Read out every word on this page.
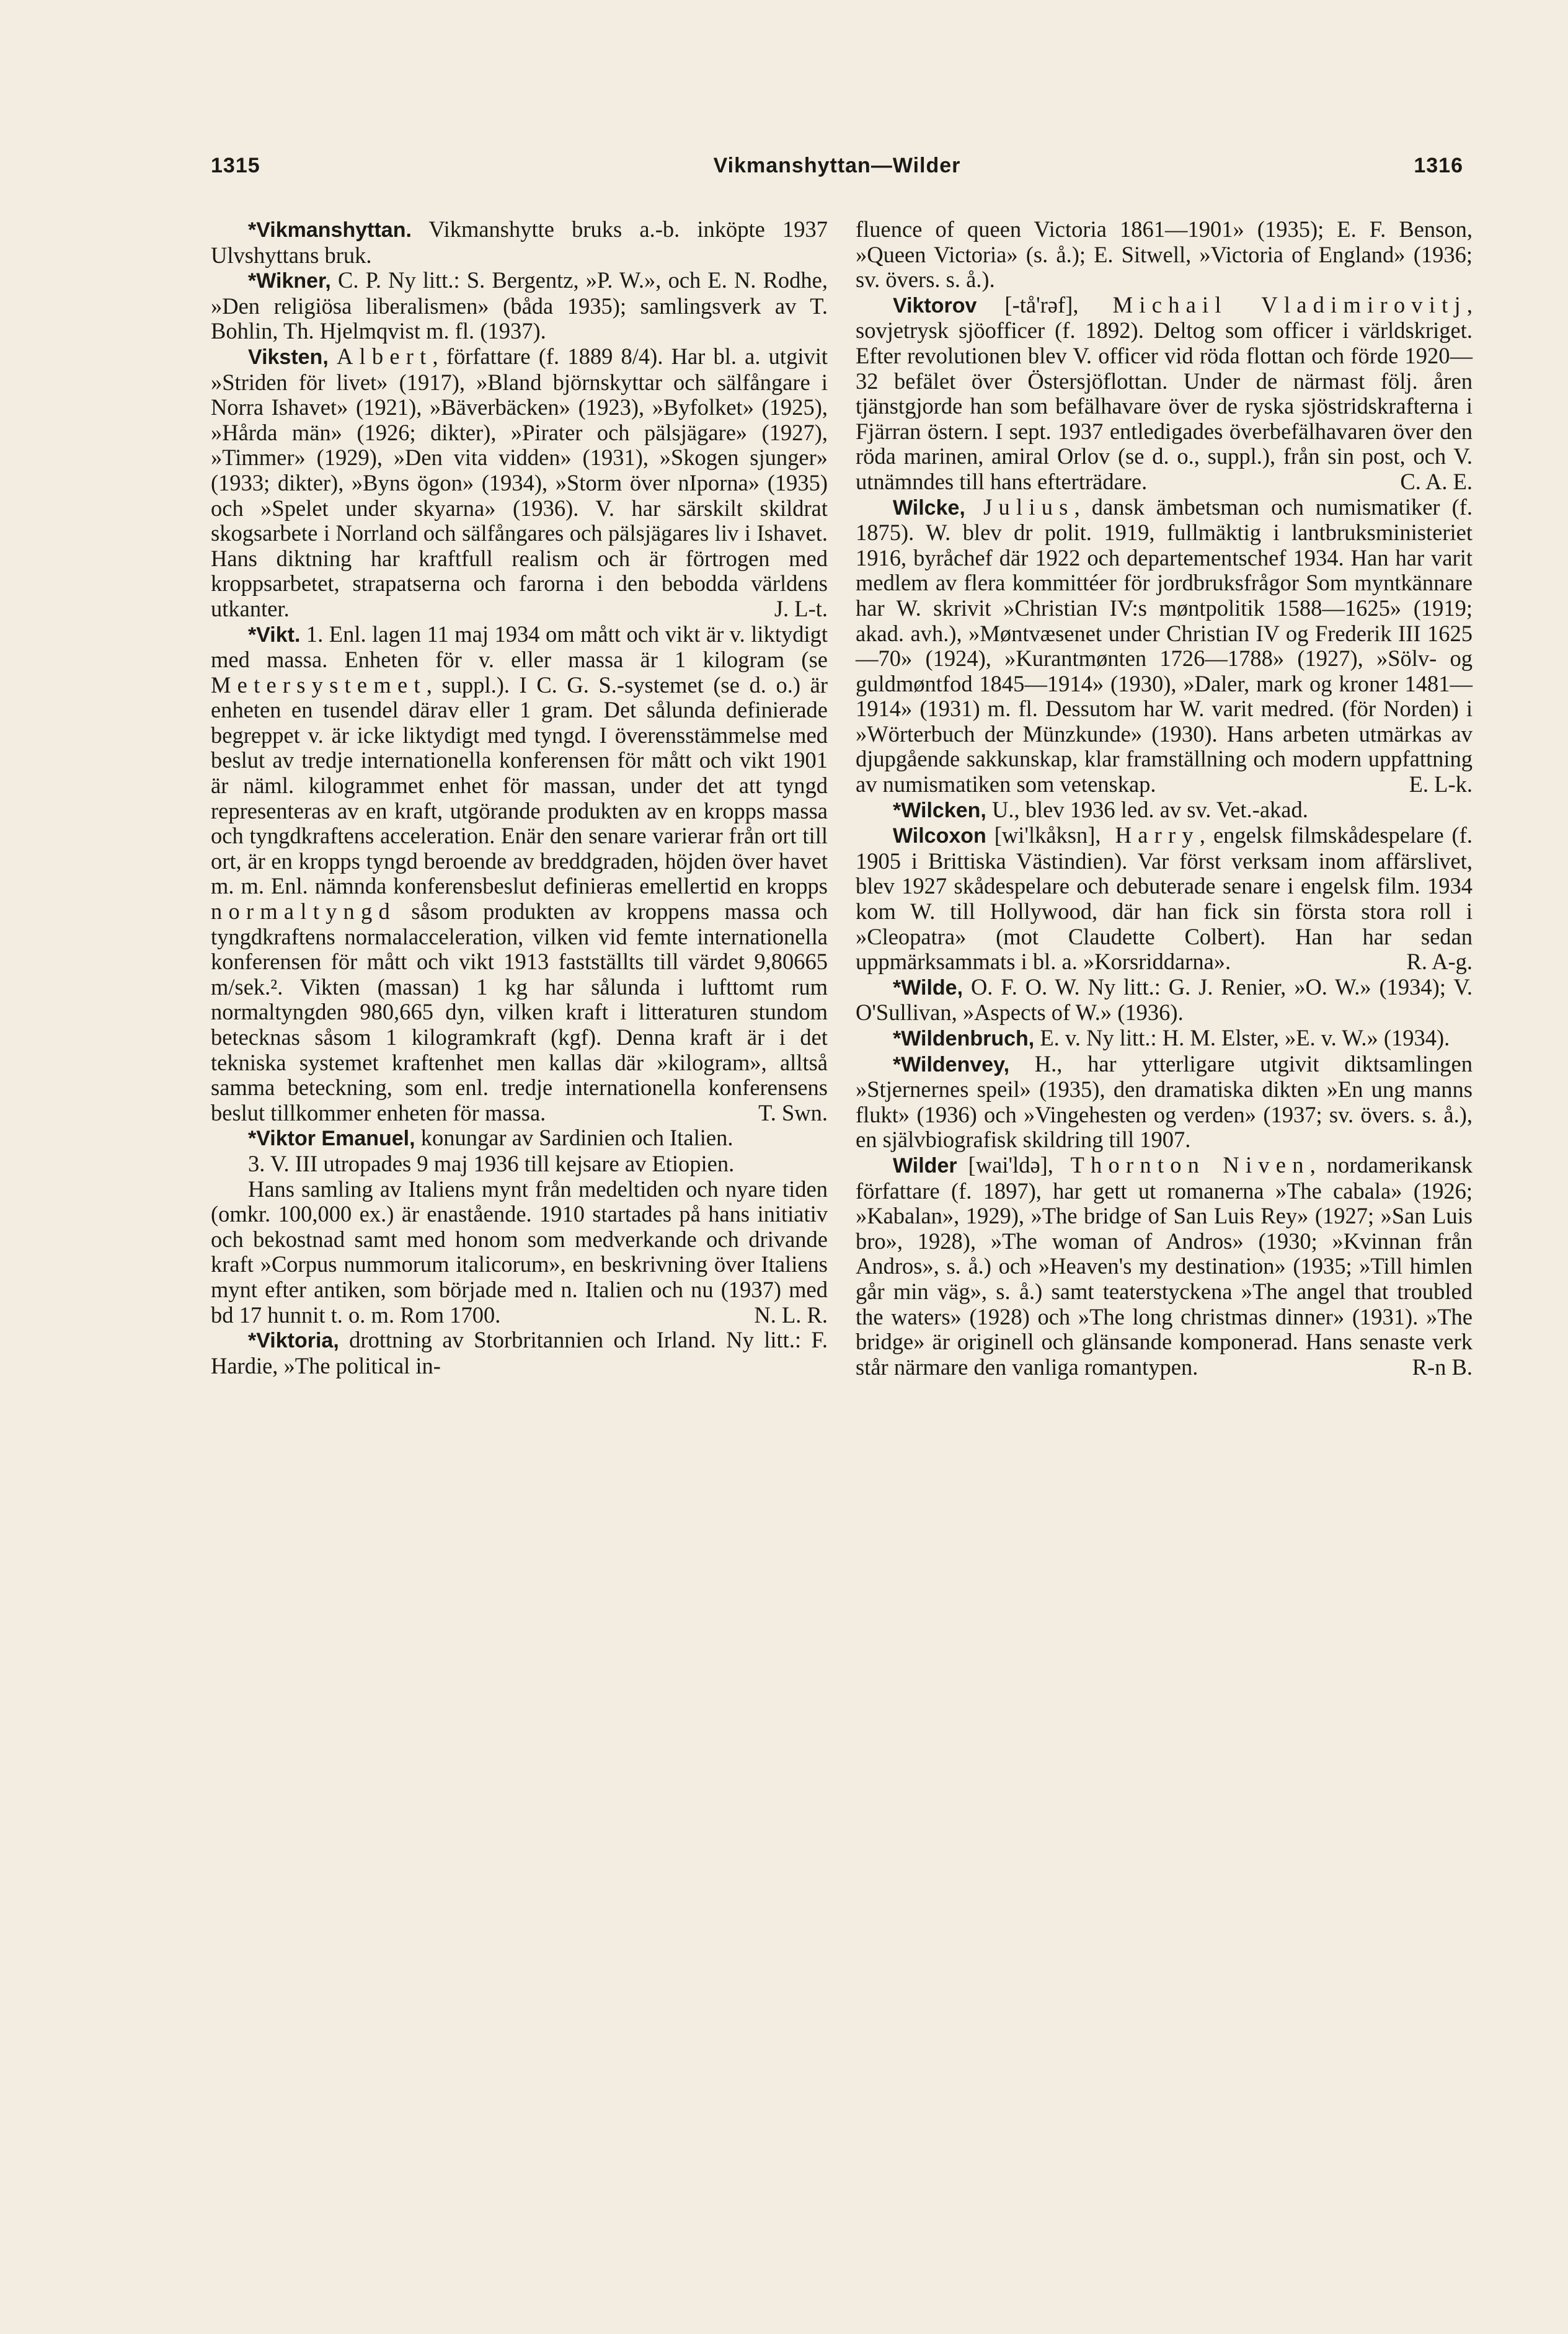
1315	Vikmanshyttan—Wilder	1316

*Vikmanshyttan. Vikmanshytte bruks a.-b. inköpte 1937 Ulvshyttans bruk.

*Wikner, C. P. Ny litt.: S. Bergentz, »P. W.», och E. N. Rodhe, »Den religiösa liberalismen» (båda 1935); samlingsverk av T. Bohlin, Th. Hjelmqvist m. fl. (1937).

Viksten, Albert, författare (f. 1889 8/4). Har bl. a. utgivit »Striden för livet» (1917), »Bland björnskyttar och sälfångare i Norra Ishavet» (1921), »Bäverbäcken» (1923), »Byfolket» (1925), »Hårda män» (1926; dikter), »Pirater och pälsjägare» (1927), »Timmer» (1929), »Den vita vidden» (1931), »Skogen sjunger» (1933; dikter), »Byns ögon» (1934), »Storm över nIporna» (1935) och »Spelet under skyarna» (1936). V. har särskilt skildrat skogsarbete i Norrland och sälfångares och pälsjägares liv i Ishavet. Hans diktning har kraftfull realism och är förtrogen med kroppsarbetet, strapatserna och farorna i den bebodda världens utkanter.	J. L-t.

*Vikt. 1. Enl. lagen 11 maj 1934 om mått och vikt är v. liktydigt med massa. Enheten för v. eller massa är 1 kilogram (se Metersystemet, suppl.). I C. G. S.-systemet (se d. o.) är enheten en tusendel därav eller 1 gram. Det sålunda definierade begreppet v. är icke liktydigt med tyngd. I överensstämmelse med beslut av tredje internationella konferensen för mått och vikt 1901 är näml. kilogrammet enhet för massan, under det att tyngd representeras av en kraft, utgörande produkten av en kropps massa och tyngdkraftens acceleration. Enär den senare varierar från ort till ort, är en kropps tyngd beroende av breddgraden, höjden över havet m. m. Enl. nämnda konferensbeslut definieras emellertid en kropps normaltyngd såsom produkten av kroppens massa och tyngdkraftens normalacceleration, vilken vid femte internationella konferensen för mått och vikt 1913 fastställts till värdet 9,80665 m/sek.². Vikten (massan) 1 kg har sålunda i lufttomt rum normaltyngden 980,665 dyn, vilken kraft i litteraturen stundom betecknas såsom 1 kilogramkraft (kgf). Denna kraft är i det tekniska systemet kraftenhet men kallas där »kilogram», alltså samma beteckning, som enl. tredje internationella konferensens beslut tillkommer enheten för massa.	T. Swn.

*Viktor Emanuel, konungar av Sardinien och Italien.

3. V. III utropades 9 maj 1936 till kejsare av Etiopien.

Hans samling av Italiens mynt från medeltiden och nyare tiden (omkr. 100,000 ex.) är enastående. 1910 startades på hans initiativ och bekostnad samt med honom som medverkande och drivande kraft »Corpus nummorum italicorum», en beskrivning över Italiens mynt efter antiken, som började med n. Italien och nu (1937) med bd 17 hunnit t. o. m. Rom 1700.	N. L. R.

*Viktoria, drottning av Storbritannien och Irland. Ny litt.: F. Hardie, »The political in-

fluence of queen Victoria 1861—1901» (1935); E. F. Benson, »Queen Victoria» (s. å.); E. Sitwell, »Victoria of England» (1936; sv. övers. s. å.).

Viktorov [-tå'rəf], Michail Vladimirovitj, sovjetrysk sjöofficer (f. 1892). Deltog som officer i världskriget. Efter revolutionen blev V. officer vid röda flottan och förde 1920—32 befälet över Östersjöflottan. Under de närmast följ. åren tjänstgjorde han som befälhavare över de ryska sjöstridskrafterna i Fjärran östern. I sept. 1937 entledigades överbefälhavaren över den röda marinen, amiral Orlov (se d. o., suppl.), från sin post, och V. utnämndes till hans efterträdare.	C. A. E.

Wilcke, Julius, dansk ämbetsman och numismatiker (f. 1875). W. blev dr polit. 1919, fullmäktig i lantbruksministeriet 1916, byråchef där 1922 och departementschef 1934. Han har varit medlem av flera kommittéer för jordbruksfrågor Som myntkännare har W. skrivit »Christian IV:s møntpolitik 1588—1625» (1919; akad. avh.), »Møntvæsenet under Christian IV og Frederik III 1625—70» (1924), »Kurantmønten 1726—1788» (1927), »Sölv- og guldmøntfod 1845—1914» (1930), »Daler, mark og kroner 1481—1914» (1931) m. fl. Dessutom har W. varit medred. (för Norden) i »Wörterbuch der Münzkunde» (1930). Hans arbeten utmärkas av djupgående sakkunskap, klar framställning och modern uppfattning av numismatiken som vetenskap.	E. L-k.

*Wilcken, U., blev 1936 led. av sv. Vet.-akad.

Wilcoxon [wi'lkåksn], Harry, engelsk filmskådespelare (f. 1905 i Brittiska Västindien). Var först verksam inom affärslivet, blev 1927 skådespelare och debuterade senare i engelsk film. 1934 kom W. till Hollywood, där han fick sin första stora roll i »Cleopatra» (mot Claudette Colbert). Han har sedan uppmärksammats i bl. a. »Korsriddarna».	R. A-g.

*Wilde, O. F. O. W. Ny litt.: G. J. Renier, »O. W.» (1934); V. O'Sullivan, »Aspects of W.» (1936).

*Wildenbruch, E. v. Ny litt.: H. M. Elster, »E. v. W.» (1934).

*Wildenvey, H., har ytterligare utgivit diktsamlingen »Stjernernes speil» (1935), den dramatiska dikten »En ung manns flukt» (1936) och »Vingehesten og verden» (1937; sv. övers. s. å.), en självbiografisk skildring till 1907.

Wilder [wai'ldə], Thornton Niven, nordamerikansk författare (f. 1897), har gett ut romanerna »The cabala» (1926; »Kabalan», 1929), »The bridge of San Luis Rey» (1927; »San Luis bro», 1928), »The woman of Andros» (1930; »Kvinnan från Andros», s. å.) och »Heaven's my destination» (1935; »Till himlen går min väg», s. å.) samt teaterstyckena »The angel that troubled the waters» (1928) och »The long christmas dinner» (1931). »The bridge» är originell och glänsande komponerad. Hans senaste verk står närmare den vanliga romantypen.	R-n B.
